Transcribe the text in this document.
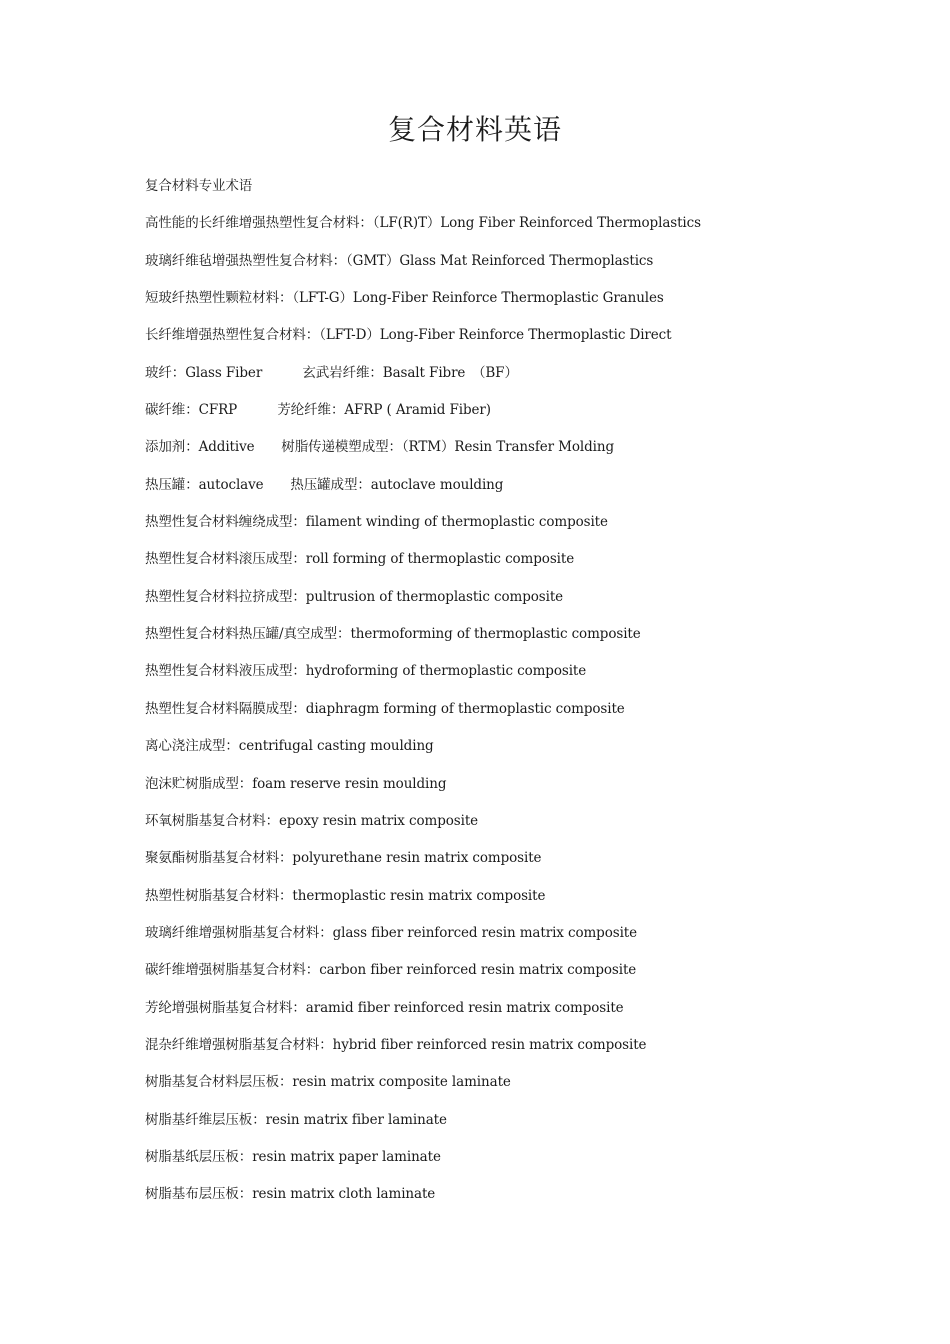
复合材料英语
复合材料专业术语
高性能的长纤维增强热塑性复合材料：（LF(R)T）Long Fiber Reinforced Thermoplastics
玻璃纤维毡增强热塑性复合材料：（GMT）Glass Mat Reinforced Thermoplastics
短玻纤热塑性颗粒材料：（LFT-G）Long-Fiber Reinforce Thermoplastic Granules
长纤维增强热塑性复合材料：（LFT-D）Long-Fiber Reinforce Thermoplastic Direct
玻纤：Glass Fiber　　　玄武岩纤维：Basalt Fibre　（BF）
碳纤维：CFRP　　　芳纶纤维：AFRP ( Aramid Fiber)
添加剂：Additive　　树脂传递模塑成型：（RTM）Resin Transfer Molding
热压罐：autoclave　　热压罐成型：autoclave moulding
热塑性复合材料缠绕成型：filament winding of thermoplastic composite
热塑性复合材料滚压成型：roll forming of thermoplastic composite
热塑性复合材料拉挤成型：pultrusion of thermoplastic composite
热塑性复合材料热压罐/真空成型：thermoforming of thermoplastic composite
热塑性复合材料液压成型：hydroforming of thermoplastic composite
热塑性复合材料隔膜成型：diaphragm forming of thermoplastic composite
离心浇注成型：centrifugal casting moulding
泡沫贮树脂成型：foam reserve resin moulding
环氧树脂基复合材料：epoxy resin matrix composite
聚氨酯树脂基复合材料：polyurethane resin matrix composite
热塑性树脂基复合材料：thermoplastic resin matrix composite
玻璃纤维增强树脂基复合材料：glass fiber reinforced resin matrix composite
碳纤维增强树脂基复合材料：carbon fiber reinforced resin matrix composite
芳纶增强树脂基复合材料：aramid fiber reinforced resin matrix composite
混杂纤维增强树脂基复合材料：hybrid fiber reinforced resin matrix composite
树脂基复合材料层压板：resin matrix composite laminate
树脂基纤维层压板：resin matrix fiber laminate
树脂基纸层压板：resin matrix paper laminate
树脂基布层压板：resin matrix cloth laminate
